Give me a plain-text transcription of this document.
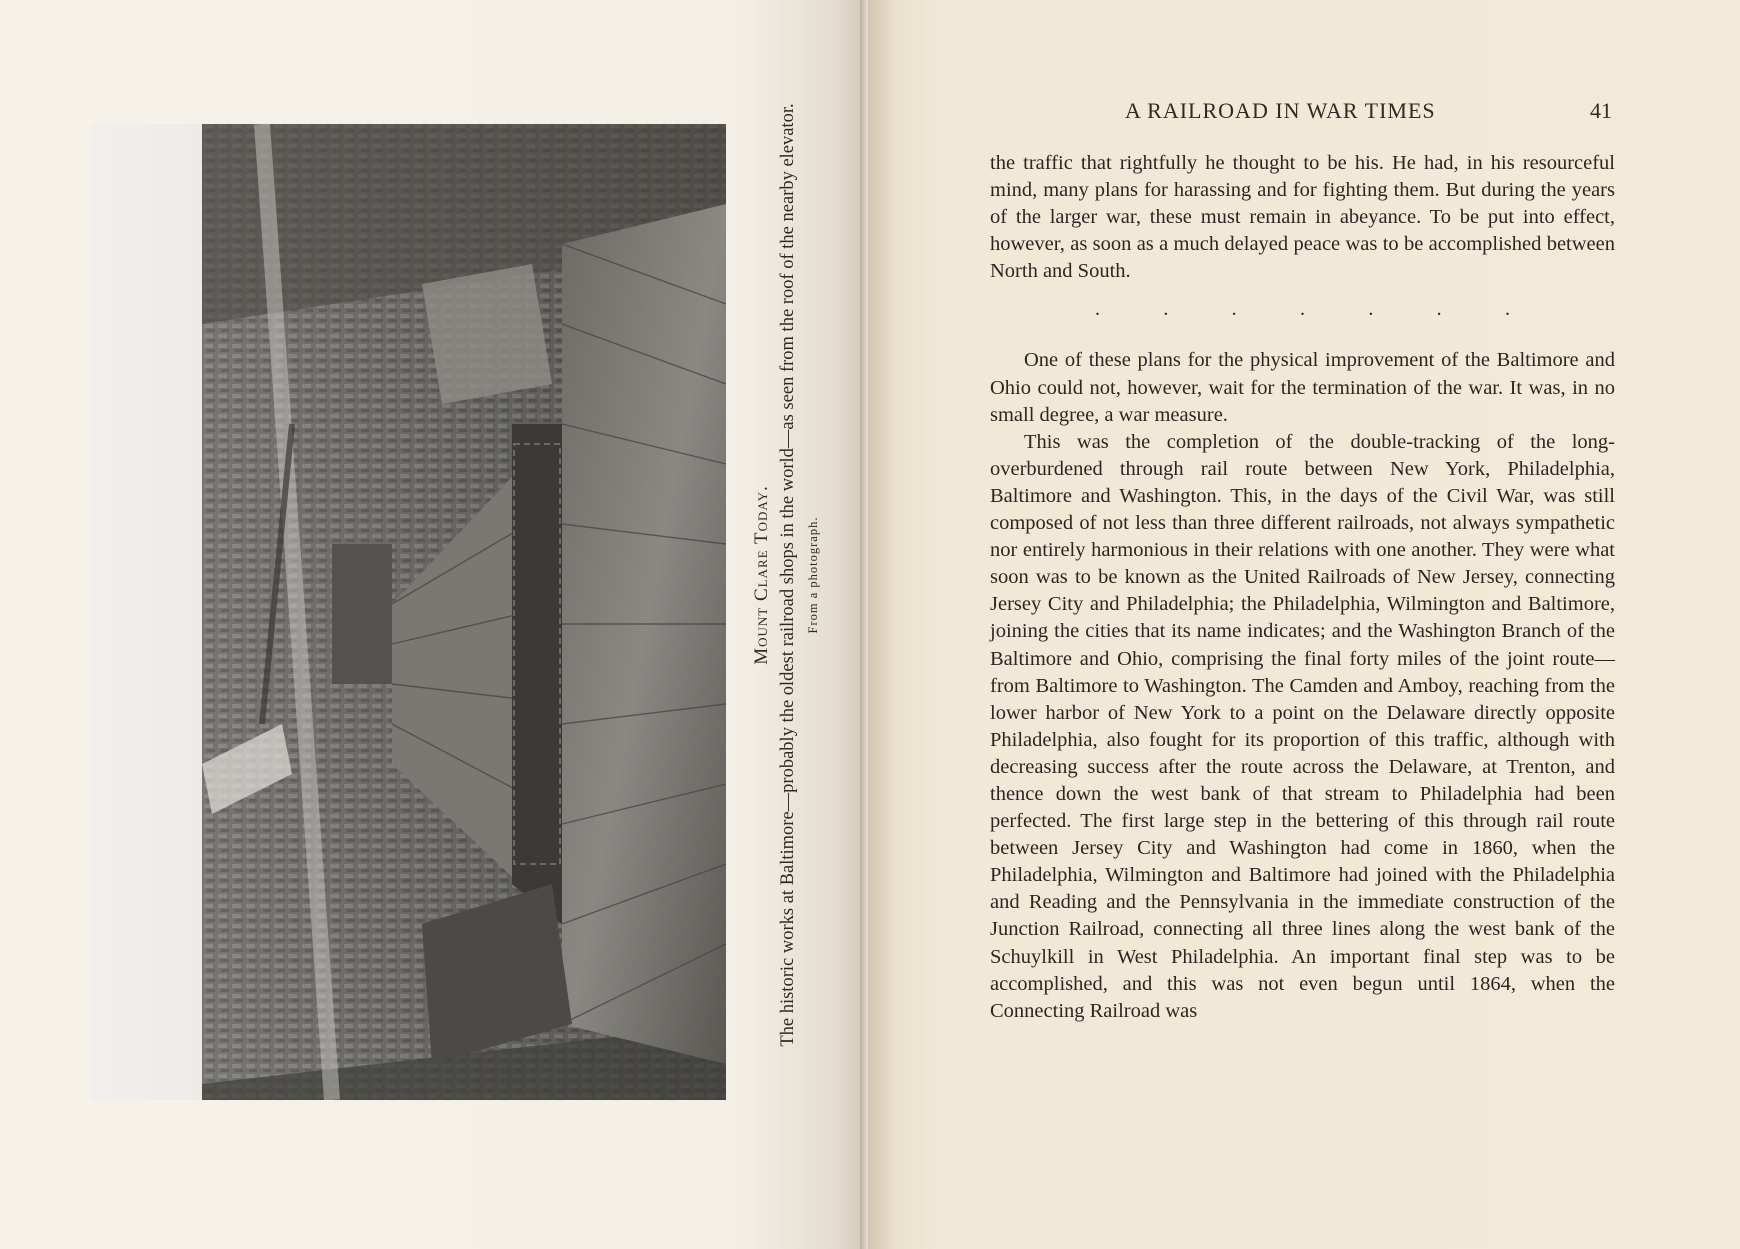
Mount Clare Today. The historic works at Baltimore—probably the oldest railroad shops in the world—as seen from the roof of the nearby elevator. From a photograph.
A RAILROAD IN WAR TIMES	41

the traffic that rightfully he thought to be his. He had, in his resourceful mind, many plans for harassing and for fighting them. But during the years of the larger war, these must remain in abeyance. To be put into effect, however, as soon as a much delayed peace was to be accomplished between North and South.

.	.	.	.	.	.	.

One of these plans for the physical improvement of the Baltimore and Ohio could not, however, wait for the termination of the war. It was, in no small degree, a war measure.

This was the completion of the double-tracking of the long-overburdened through rail route between New York, Philadelphia, Baltimore and Washington. This, in the days of the Civil War, was still composed of not less than three different railroads, not always sympathetic nor entirely harmonious in their relations with one another. They were what soon was to be known as the United Railroads of New Jersey, connecting Jersey City and Philadelphia; the Philadelphia, Wilmington and Baltimore, joining the cities that its name indicates; and the Washington Branch of the Baltimore and Ohio, comprising the final forty miles of the joint route—from Baltimore to Washington. The Camden and Amboy, reaching from the lower harbor of New York to a point on the Delaware directly opposite Philadelphia, also fought for its proportion of this traffic, although with decreasing success after the route across the Delaware, at Trenton, and thence down the west bank of that stream to Philadelphia had been perfected. The first large step in the bettering of this through rail route between Jersey City and Washington had come in 1860, when the Philadelphia, Wilmington and Baltimore had joined with the Philadelphia and Reading and the Pennsylvania in the immediate construction of the Junction Railroad, connecting all three lines along the west bank of the Schuylkill in West Philadelphia. An important final step was to be accomplished, and this was not even begun until 1864, when the Connecting Railroad was
